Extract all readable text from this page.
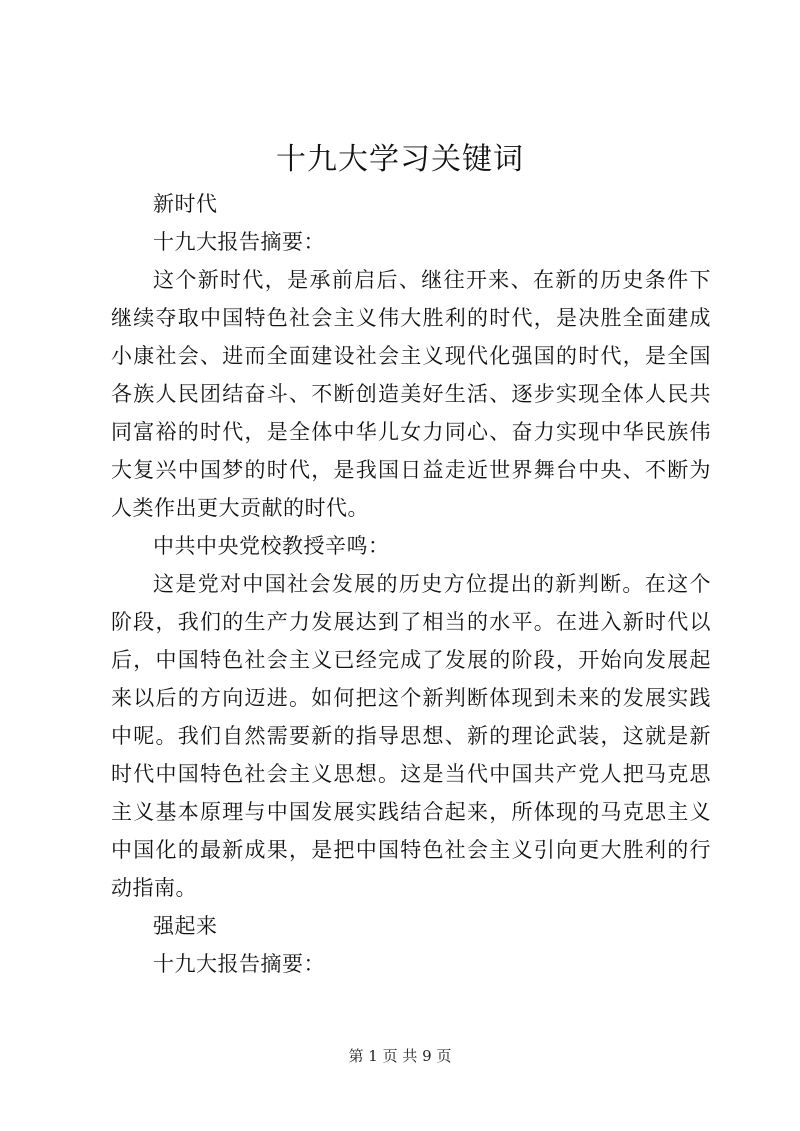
十九大学习关键词

新时代

十九大报告摘要：

这个新时代，是承前启后、继往开来、在新的历史条件下继续夺取中国特色社会主义伟大胜利的时代，是决胜全面建成小康社会、进而全面建设社会主义现代化强国的时代，是全国各族人民团结奋斗、不断创造美好生活、逐步实现全体人民共同富裕的时代，是全体中华儿女力同心、奋力实现中华民族伟大复兴中国梦的时代，是我国日益走近世界舞台中央、不断为人类作出更大贡献的时代。

中共中央党校教授辛鸣：

这是党对中国社会发展的历史方位提出的新判断。在这个阶段，我们的生产力发展达到了相当的水平。在进入新时代以后，中国特色社会主义已经完成了发展的阶段，开始向发展起来以后的方向迈进。如何把这个新判断体现到未来的发展实践中呢。我们自然需要新的指导思想、新的理论武装，这就是新时代中国特色社会主义思想。这是当代中国共产党人把马克思主义基本原理与中国发展实践结合起来，所体现的马克思主义中国化的最新成果，是把中国特色社会主义引向更大胜利的行动指南。

强起来

十九大报告摘要：

第 1 页 共 9 页
